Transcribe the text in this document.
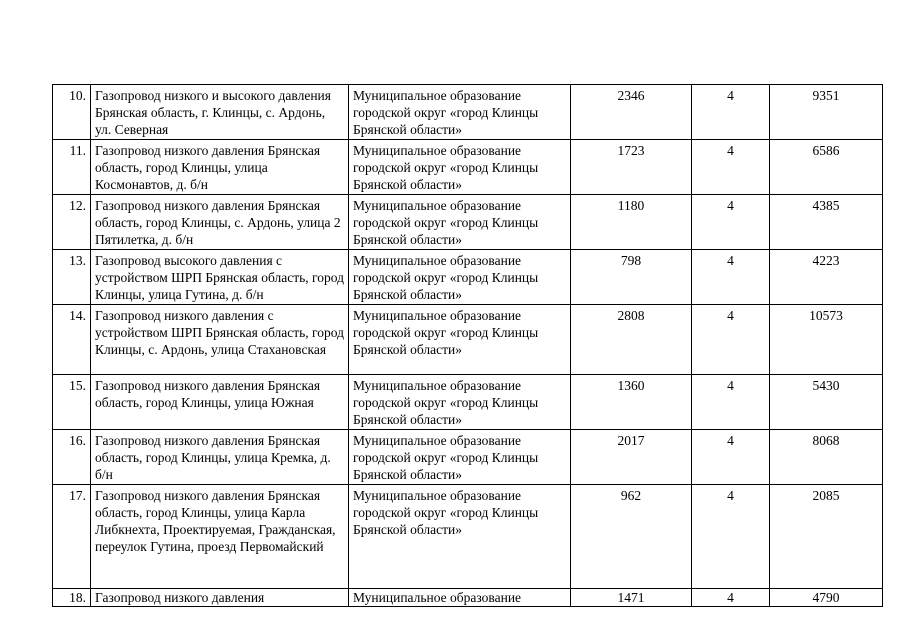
10.	Газопровод низкого и высокого давления Брянская область, г. Клинцы, с. Ардонь, ул. Северная	Муниципальное образование городской округ «город Клинцы Брянской области»	2346	4	9351
11.	Газопровод низкого давления Брянская область, город Клинцы, улица Космонавтов, д. б/н	Муниципальное образование городской округ «город Клинцы Брянской области»	1723	4	6586
12.	Газопровод низкого давления Брянская область, город Клинцы, с. Ардонь, улица 2 Пятилетка, д. б/н	Муниципальное образование городской округ «город Клинцы Брянской области»	1180	4	4385
13.	Газопровод высокого давления с устройством ШРП Брянская область, город Клинцы, улица Гутина, д. б/н	Муниципальное образование городской округ «город Клинцы Брянской области»	798	4	4223
14.	Газопровод низкого давления с устройством ШРП Брянская область, город Клинцы, с. Ардонь, улица Стахановская	Муниципальное образование городской округ «город Клинцы Брянской области»	2808	4	10573
15.	Газопровод низкого давления Брянская область, город Клинцы, улица Южная	Муниципальное образование городской округ «город Клинцы Брянской области»	1360	4	5430
16.	Газопровод низкого давления Брянская область, город Клинцы, улица Кремка, д. б/н	Муниципальное образование городской округ «город Клинцы Брянской области»	2017	4	8068
17.	Газопровод низкого давления Брянская область, город Клинцы, улица Карла Либкнехта, Проектируемая, Гражданская, переулок Гутина, проезд Первомайский	Муниципальное образование городской округ «город Клинцы Брянской области»	962	4	2085
18.	Газопровод низкого давления	Муниципальное образование	1471	4	4790
